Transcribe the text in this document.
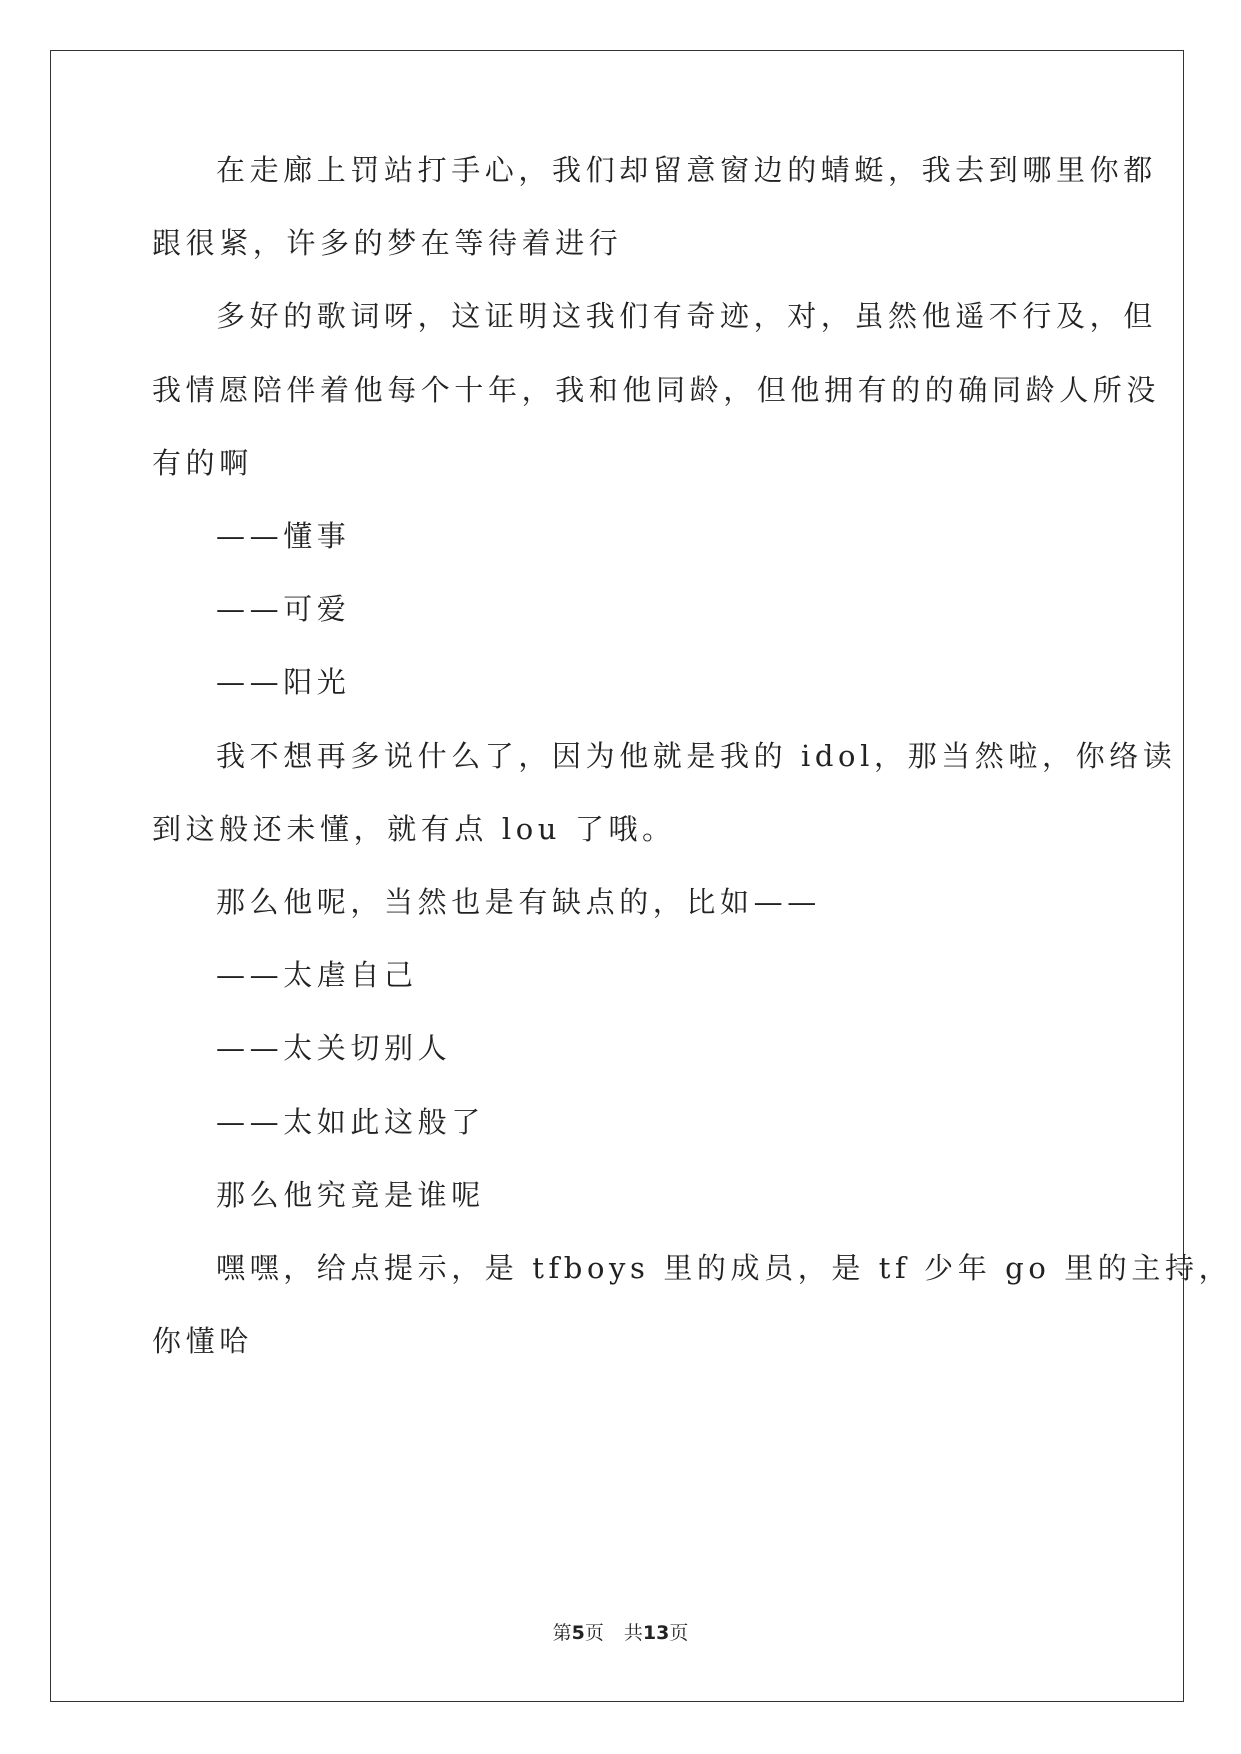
在走廊上罚站打手心，我们却留意窗边的蜻蜓，我去到哪里你都
跟很紧，许多的梦在等待着进行
多好的歌词呀，这证明这我们有奇迹，对，虽然他遥不行及，但
我情愿陪伴着他每个十年，我和他同龄，但他拥有的的确同龄人所没
有的啊
——懂事
——可爱
——阳光
我不想再多说什么了，因为他就是我的 idol，那当然啦，你络读
到这般还未懂，就有点 lou 了哦。
那么他呢，当然也是有缺点的，比如——
——太虐自己
——太关切别人
——太如此这般了
那么他究竟是谁呢
嘿嘿，给点提示，是 tfboys 里的成员，是 tf 少年 go 里的主持，
你懂哈
第5页 共13页
